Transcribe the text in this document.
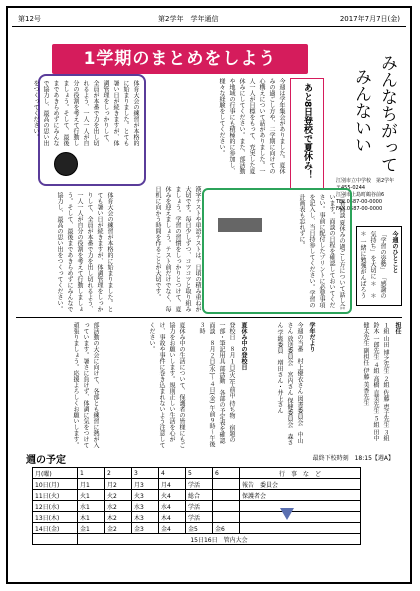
第12号	第2学年　学年通信	2017年7月7日(金)
1学期のまとめをしよう	みんなちがって
みんないい
体育大会の練習が本格的に始まりました。とても暑い日が続きますが、体調管理をしっかりして、全員が本番で力を出し切れるよう、一人一人が自分の役割を考えて行動しましょう。そして、最後まであきらめずにみんなで協力し、最高の思い出をつくってください。	今週は学年集会がありました。夏休みの過ごし方や、二学期に向けての心構えについて話がありました。一人一人が目標をもって、充実した夏休みにしてください。また、部活動や地域の行事にも積極的に参加し、様々な経験をしてください。	あと8日登校で夏休み！
江別市立中学校　第2学年
〒455-0244
江別市上島町鶴谷前6
TEL.0587-00-0000
FAX.0587-00-0000
今週のひとこと
「学習の姿勢」 「感謝の気持ち」を大切に ＊　＊　＊ 一緒に勉強がんばろう
三者面談 夏休みの過ごし方について話し合います。面談の日程を確認しておいてください。事前に配付したプリントに必要事項を記入し、当日持参してください。学習の計画表も忘れずに。
漢字テストや単語テストは、日頃の積み重ねが大切です。毎日少しずつ、コツコツと取り組みましょう。学習の習慣をしっかりとつけて、夏休みを迎えましょう。テスト前だけでなく、毎日机に向かう時間を作ることが大切です。
体育大会の練習が本格的に始まりました。とても暑い日が続きますが、体調管理をしっかりして、全員が本番で力を出し切れるよう、一人一人が自分の役割を考えて行動しましょう。そして、最後まであきらめずにみんなで協力し、最高の思い出をつくってください。
部活動の大会に向けて、各部とも練習に熱が入っています。暑さに負けず、体調に気をつけて頑張りましょう。応援よろしくお願いします。	夏休み中の生活について、保護者の皆様にもご協力をお願いします。規則正しい生活を心がけ、事故や事件に巻き込まれないよう注意してください。	夏休み中の登校日
登校日　８月１日(火)午前中 持ち物　宿題の一部・筆記用具 部活動　各部の予定表を確認 面談　８月２日(水)〜４日(金) 午前９時〜午後３時	学年だより
今週の当番　村上優衣さん 図書委員会　中山さん 放送委員会　宮内さん 保健委員会　森さん 学級委員　増田さん・井上さん	担任
１組 山田 博之先生 ２組 佐藤 恵子先生 ３組 鈴木 一郎先生 ４組 高橋 直美先生 ５組 田中 健太先生 副担任 伊藤 美香先生
週の予定	最終下校時刻　18:15【週A】
月(曜)	1	2	3	4	5	6	行　事　な　ど
10日(月)	月1	月2	月3	月4	学活		報告　委員会
11日(火)	火1	火2	火3	火4	総合		保護者会
12日(水)	水1	水2	水3	水4	学活		
13日(木)	木1	木2	木3	木4	学活		
14日(金)	金1	金2	金3	金4	金5	金6	
	15日16日　管内大会						
